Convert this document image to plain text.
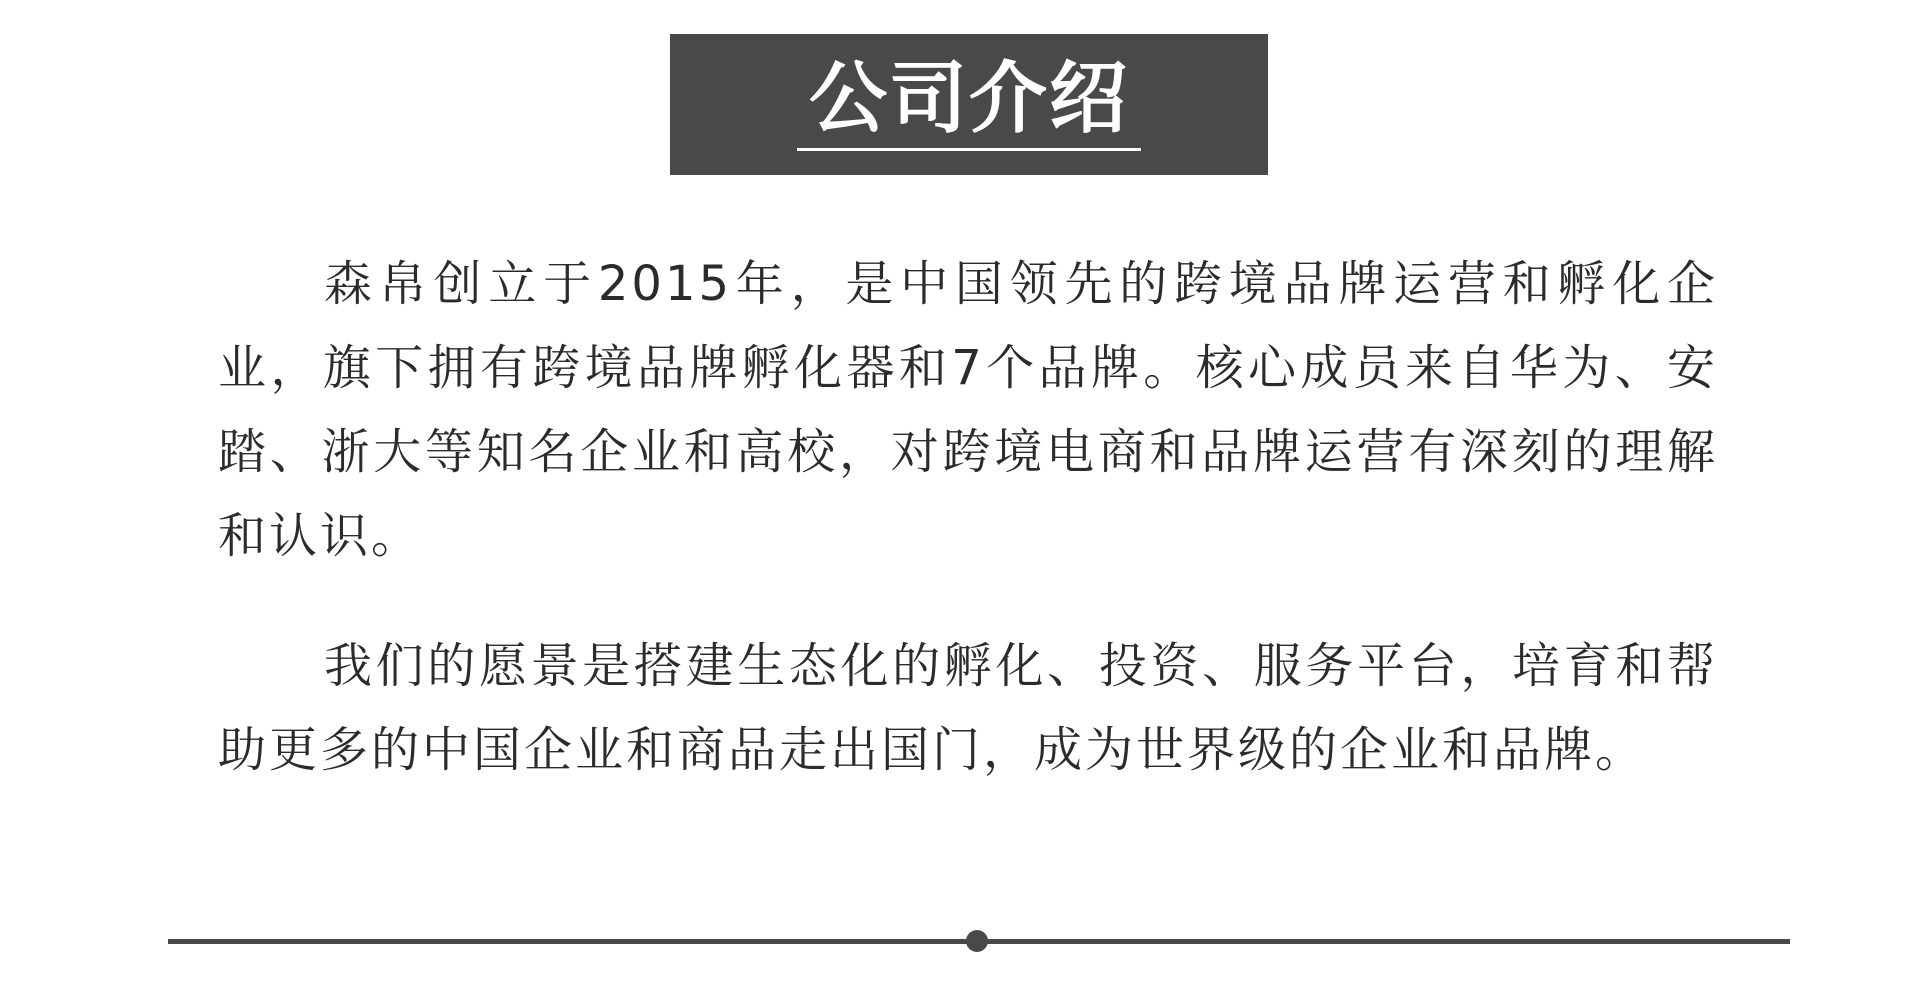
公司介绍

森帛创立于2015年，是中国领先的跨境品牌运营和孵化企业，旗下拥有跨境品牌孵化器和7个品牌。核心成员来自华为、安踏、浙大等知名企业和高校，对跨境电商和品牌运营有深刻的理解和认识。

我们的愿景是搭建生态化的孵化、投资、服务平台，培育和帮助更多的中国企业和商品走出国门，成为世界级的企业和品牌。
